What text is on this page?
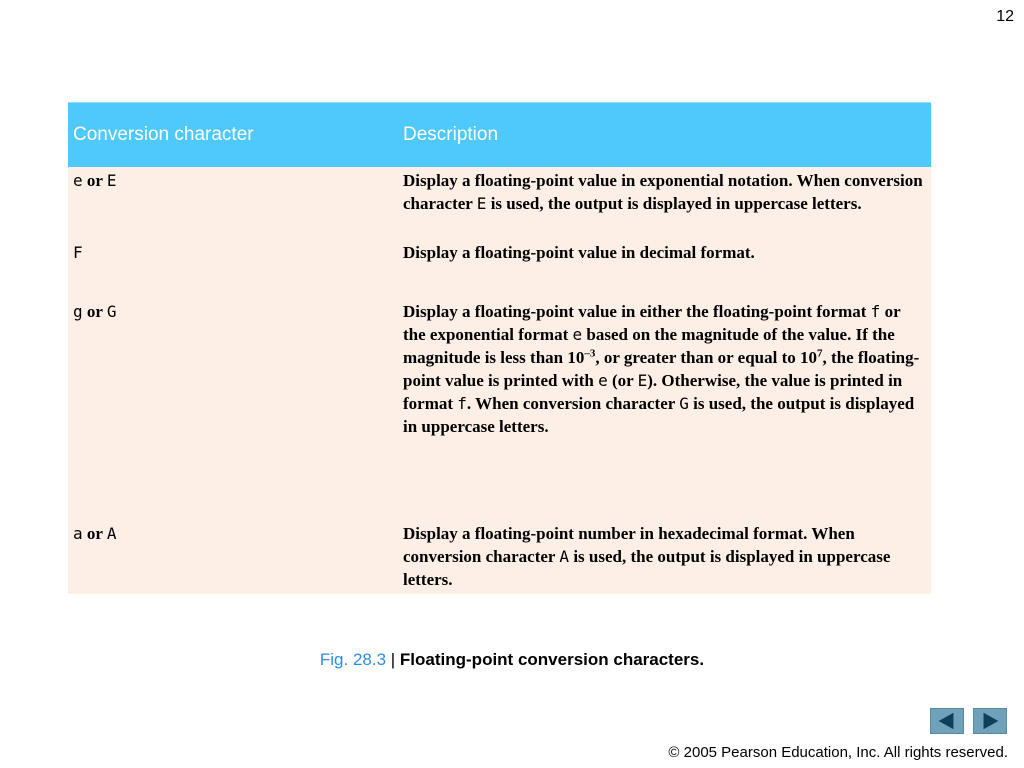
12
Conversion character	Description
e or E	Display a floating-point value in exponential notation. When conversion character E is used, the output is displayed in uppercase letters.
F	Display a floating-point value in decimal format.
g or G	Display a floating-point value in either the floating-point format f or the exponential format e based on the magnitude of the value. If the magnitude is less than $10^{-3}$, or greater than or equal to $10^7$, the floating-point value is printed with e (or E). Otherwise, the value is printed in format f. When conversion character G is used, the output is displayed in uppercase letters.
a or A	Display a floating-point number in hexadecimal format. When conversion character A is used, the output is displayed in uppercase letters.
Fig. 28.3 | Floating-point conversion characters.
© 2005 Pearson Education, Inc. All rights reserved.
